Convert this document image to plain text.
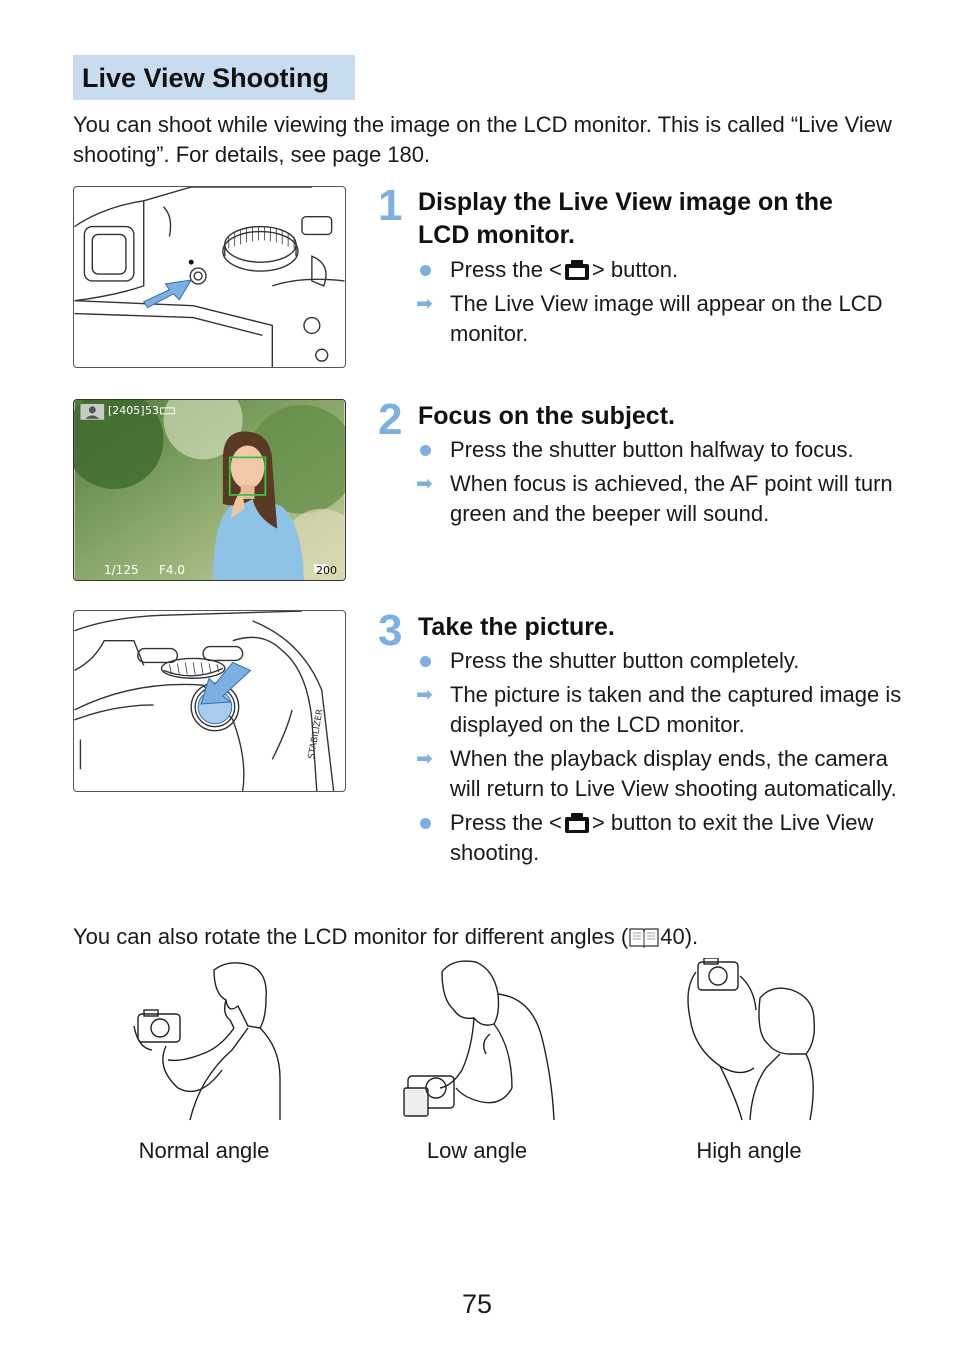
Live View Shooting

You can shoot while viewing the image on the LCD monitor. This is called “Live View shooting”. For details, see page 180.

[2405] 53
1/125 F4.0	200
STABILIZER
1 Display the Live View image on the LCD monitor.
Press the < > button.
➡ The Live View image will appear on the LCD monitor.
2 Focus on the subject.
Press the shutter button halfway to focus.
➡ When focus is achieved, the AF point will turn green and the beeper will sound.
3 Take the picture.
Press the shutter button completely.
➡ The picture is taken and the captured image is displayed on the LCD monitor.
➡ When the playback display ends, the camera will return to Live View shooting automatically.
Press the < > button to exit the Live View shooting.
You can also rotate the LCD monitor for different angles ( 40).
Normal angle	Low angle	High angle
75
